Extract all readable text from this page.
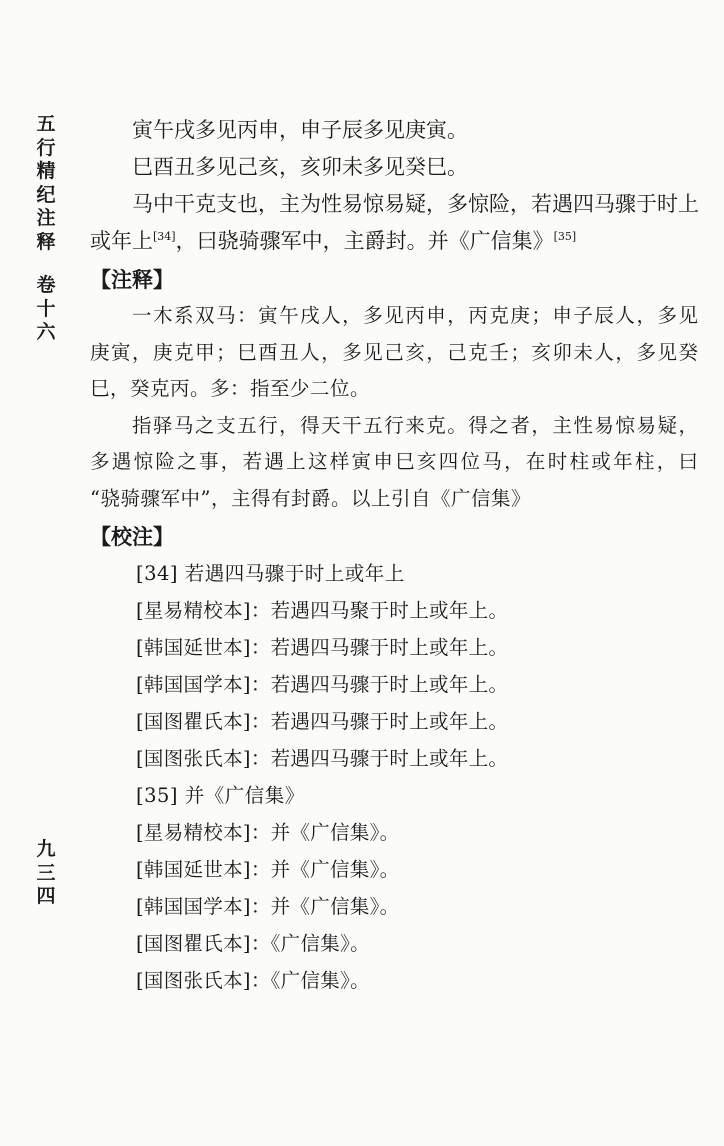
五
行
精
纪
注
释
卷
十
六
九
三
四
寅午戌多见丙申，申子辰多见庚寅。
巳酉丑多见己亥，亥卯未多见癸巳。
马中干克支也，主为性易惊易疑，多惊险，若遇四马骤于时上
或年上[34]，曰骁骑骤军中，主爵封。并《广信集》[35]
【注释】
一木系双马：寅午戌人，多见丙申，丙克庚；申子辰人，多见
庚寅，庚克甲；巳酉丑人，多见己亥，己克壬；亥卯未人，多见癸
巳，癸克丙。多：指至少二位。
指驿马之支五行，得天干五行来克。得之者，主性易惊易疑，
多遇惊险之事，若遇上这样寅申巳亥四位马，在时柱或年柱，曰
“骁骑骤军中”，主得有封爵。以上引自《广信集》
【校注】
[34] 若遇四马骤于时上或年上
[星易精校本]：若遇四马聚于时上或年上。
[韩国延世本]：若遇四马骤于时上或年上。
[韩国国学本]：若遇四马骤于时上或年上。
[国图瞿氏本]：若遇四马骤于时上或年上。
[国图张氏本]：若遇四马骤于时上或年上。
[35] 并《广信集》
[星易精校本]：并《广信集》。
[韩国延世本]：并《广信集》。
[韩国国学本]：并《广信集》。
[国图瞿氏本]：《广信集》。
[国图张氏本]：《广信集》。
